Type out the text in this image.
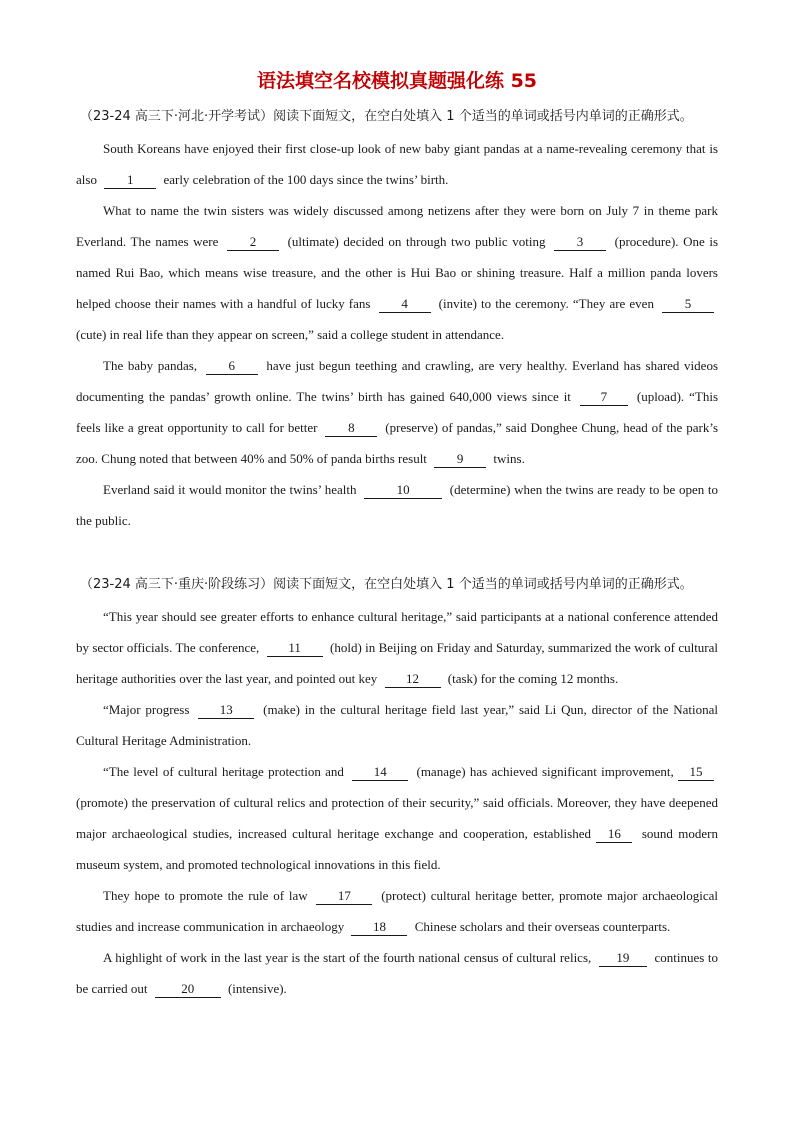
语法填空名校模拟真题强化练 55
（23-24 高三下·河北·开学考试）阅读下面短文，在空白处填入 1 个适当的单词或括号内单词的正确形式。

South Koreans have enjoyed their first close-up look of new baby giant pandas at a name-revealing ceremony that is also 1 early celebration of the 100 days since the twins’ birth.

What to name the twin sisters was widely discussed among netizens after they were born on July 7 in theme park Everland. The names were 2 (ultimate) decided on through two public voting 3 (procedure). One is named Rui Bao, which means wise treasure, and the other is Hui Bao or shining treasure. Half a million panda lovers helped choose their names with a handful of lucky fans 4 (invite) to the ceremony. “They are even 5 (cute) in real life than they appear on screen,” said a college student in attendance.

The baby pandas, 6 have just begun teething and crawling, are very healthy. Everland has shared videos documenting the pandas’ growth online. The twins’ birth has gained 640,000 views since it 7 (upload). “This feels like a great opportunity to call for better 8 (preserve) of pandas,” said Donghee Chung, head of the park’s zoo. Chung noted that between 40% and 50% of panda births result 9 twins.

Everland said it would monitor the twins’ health	10	(determine) when the twins are ready to be open to the public.

（23-24 高三下·重庆·阶段练习）阅读下面短文，在空白处填入 1 个适当的单词或括号内单词的正确形式。

“This year should see greater efforts to enhance cultural heritage,” said participants at a national conference attended by sector officials. The conference, 11 (hold) in Beijing on Friday and Saturday, summarized the work of cultural heritage authorities over the last year, and pointed out key 12 (task) for the coming 12 months.

“Major progress 13 (make) in the cultural heritage field last year,” said Li Qun, director of the National Cultural Heritage Administration.

“The level of cultural heritage protection and 14 (manage) has achieved significant improvement, 15 (promote) the preservation of cultural relics and protection of their security,” said officials. Moreover, they have deepened major archaeological studies, increased cultural heritage exchange and cooperation, established 16 sound modern museum system, and promoted technological innovations in this field.

They hope to promote the rule of law 17 (protect) cultural heritage better, promote major archaeological studies and increase communication in archaeology 18 Chinese scholars and their overseas counterparts.

A highlight of work in the last year is the start of the fourth national census of cultural relics, 19 continues to be carried out	20	(intensive).
